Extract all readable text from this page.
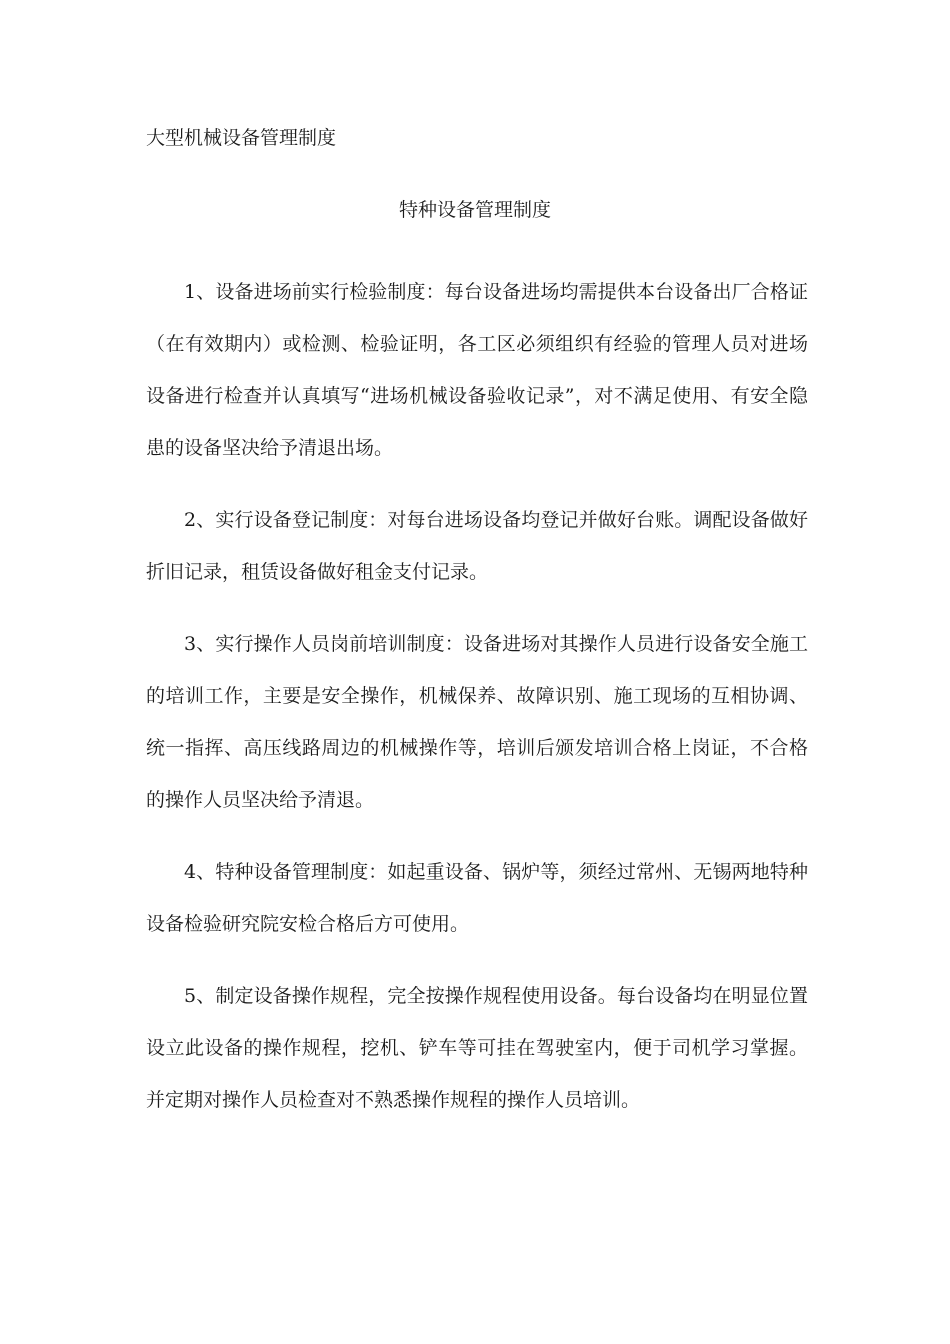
大型机械设备管理制度
特种设备管理制度

1、设备进场前实行检验制度：每台设备进场均需提供本台设备出厂合格证（在有效期内）或检测、检验证明，各工区必须组织有经验的管理人员对进场设备进行检查并认真填写“进场机械设备验收记录”，对不满足使用、有安全隐患的设备坚决给予清退出场。

2、实行设备登记制度：对每台进场设备均登记并做好台账。调配设备做好折旧记录，租赁设备做好租金支付记录。

3、实行操作人员岗前培训制度：设备进场对其操作人员进行设备安全施工的培训工作，主要是安全操作，机械保养、故障识别、施工现场的互相协调、统一指挥、高压线路周边的机械操作等，培训后颁发培训合格上岗证，不合格的操作人员坚决给予清退。

4、特种设备管理制度：如起重设备、锅炉等，须经过常州、无锡两地特种设备检验研究院安检合格后方可使用。

5、制定设备操作规程，完全按操作规程使用设备。每台设备均在明显位置设立此设备的操作规程，挖机、铲车等可挂在驾驶室内，便于司机学习掌握。并定期对操作人员检查对不熟悉操作规程的操作人员培训。
